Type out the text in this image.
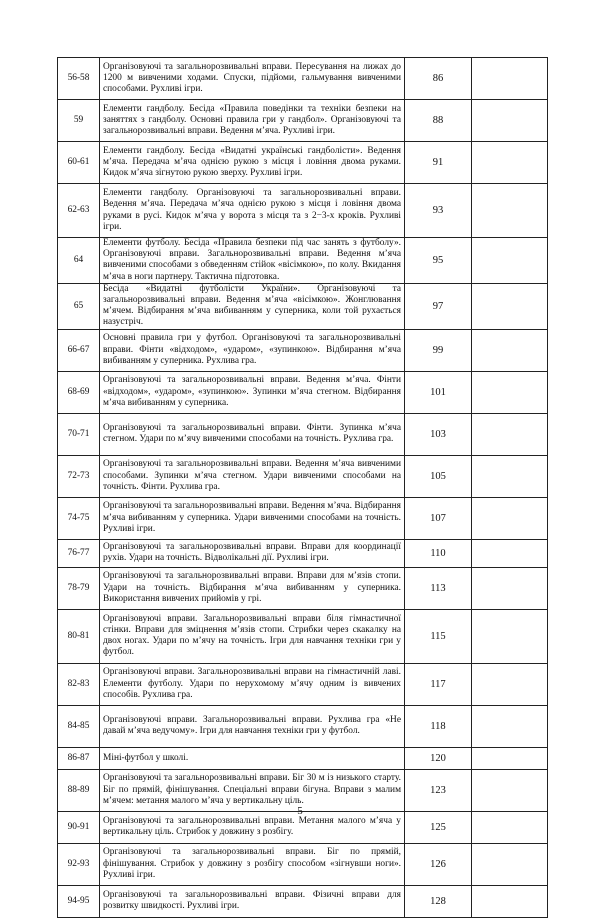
56-58	Організовуючі та загальнорозвивальні вправи. Пересування на лижах до 1200 м вивченими ходами. Спуски, підйоми, гальмування вивченими способами. Рухливі ігри.	86	
59	Елементи гандболу. Бесіда «Правила поведінки та техніки безпеки на заняттях з гандболу. Основні правила гри у гандбол». Організовуючі та загальнорозвивальні вправи. Ведення м’яча. Рухливі ігри.	88	
60-61	Елементи гандболу. Бесіда «Видатні українські гандболісти». Ведення м’яча. Передача м’яча однією рукою з місця і ловіння двома руками. Кидок м’яча зігнутою рукою зверху. Рухливі ігри.	91	
62-63	Елементи гандболу. Організовуючі та загальнорозвивальні вправи. Ведення м’яча. Передача м’яча однією рукою з місця і ловіння двома руками в русі. Кидок м’яча у ворота з місця та з 2−3-х кроків. Рухливі ігри.	93	
64	Елементи футболу. Бесіда «Правила безпеки під час занять з футболу». Організовуючі вправи. Загальнорозвивальні вправи. Ведення м’яча вивченими способами з обведенням стійок «вісімкою», по колу. Вкидання м’яча в ноги партнеру. Тактична підготовка.	95	
65	Бесіда «Видатні футболісти України». Організовуючі та загальнорозвивальні вправи. Ведення м’яча «вісімкою». Жонглювання м’ячем. Відбирання м’яча вибиванням у суперника, коли той рухається назустріч.	97	
66-67	Основні правила гри у футбол. Організовуючі та загальнорозвивальні вправи. Фінти «відходом», «ударом», «зупинкою». Відбирання м’яча вибиванням у суперника. Рухлива гра.	99	
68-69	Організовуючі та загальнорозвивальні вправи. Ведення м’яча. Фінти «відходом», «ударом», «зупинкою». Зупинки м’яча стегном. Відбирання м’яча вибиванням у суперника.	101	
70-71	Організовуючі та загальнорозвивальні вправи. Фінти. Зупинка м’яча стегном. Удари по м’ячу вивченими способами на точність. Рухлива гра.	103	
72-73	Організовуючі та загальнорозвивальні вправи. Ведення м’яча вивченими способами. Зупинки м’яча стегном. Удари вивченими способами на точність. Фінти. Рухлива гра.	105	
74-75	Організовуючі та загальнорозвивальні вправи. Ведення м’яча. Відбирання м’яча вибиванням у суперника. Удари вивченими способами на точність. Рухливі ігри.	107	
76-77	Організовуючі та загальнорозвивальні вправи. Вправи для координації рухів. Удари на точність. Відволікальні дії. Рухливі ігри.	110	
78-79	Організовуючі та загальнорозвивальні вправи. Вправи для м’язів стопи. Удари на точність. Відбирання м’яча вибиванням у суперника. Використання вивчених прийомів у грі.	113	
80-81	Організовуючі вправи. Загальнорозвивальні вправи біля гімнастичної стінки. Вправи для зміцнення м’язів стопи. Стрибки через скакалку на двох ногах. Удари по м’ячу на точність. Ігри для навчання техніки гри у футбол.	115	
82-83	Організовуючі вправи. Загальнорозвивальні вправи на гімнастичній лаві. Елементи футболу. Удари по нерухомому м’ячу одним із вивчених способів. Рухлива гра.	117	
84-85	Організовуючі вправи. Загальнорозвивальні вправи. Рухлива гра «Не давай м’яча ведучому». Ігри для навчання техніки гри у футбол.	118	
86-87	Міні-футбол у школі.	120	
88-89	Організовуючі та загальнорозвивальні вправи. Біг 30 м із низького старту. Біг по прямій, фінішування. Спеціальні вправи бігуна. Вправи з малим м’ячем: метання малого м’яча у вертикальну ціль.	123	
90-91	Організовуючі та загальнорозвивальні вправи. Метання малого м’яча у вертикальну ціль. Стрибок у довжину з розбігу.	125	
92-93	Організовуючі та загальнорозвивальні вправи. Біг по прямій, фінішування. Стрибок у довжину з розбігу способом «зігнувши ноги». Рухливі ігри.	126	
94-95	Організовуючі та загальнорозвивальні вправи. Фізичні вправи для розвитку швидкості. Рухливі ігри.	128	
5
